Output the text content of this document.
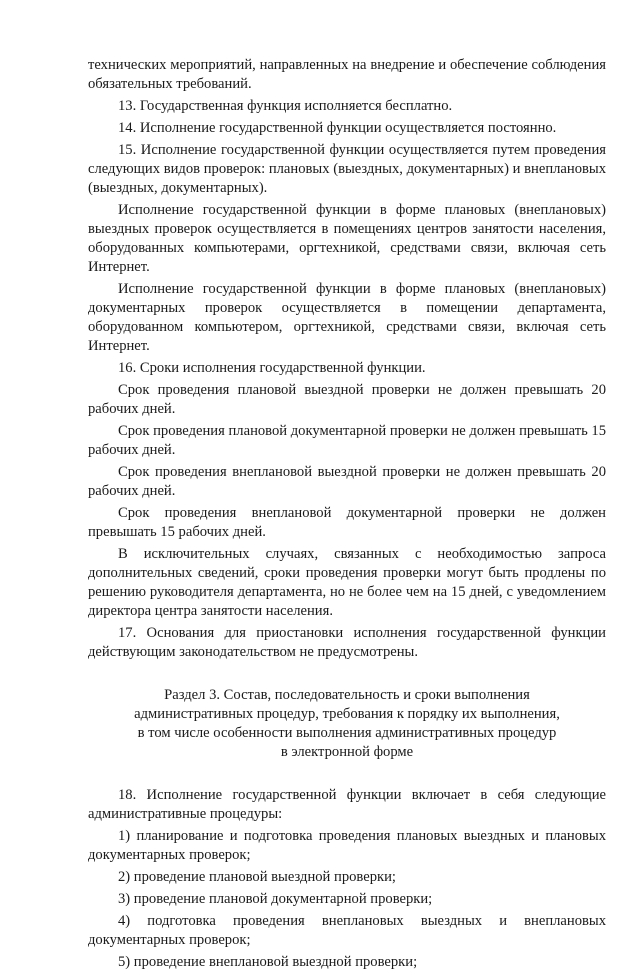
технических мероприятий, направленных на внедрение и обеспечение соблюдения обязательных требований.

13. Государственная функция исполняется бесплатно.

14. Исполнение государственной функции осуществляется постоянно.

15. Исполнение государственной функции осуществляется путем проведения следующих видов проверок: плановых (выездных, документарных) и внеплановых (выездных, документарных).

Исполнение государственной функции в форме плановых (внеплановых) выездных проверок осуществляется в помещениях центров занятости населения, оборудованных компьютерами, оргтехникой, средствами связи, включая сеть Интернет.

Исполнение государственной функции в форме плановых (внеплановых) документарных проверок осуществляется в помещении департамента, оборудованном компьютером, оргтехникой, средствами связи, включая сеть Интернет.

16. Сроки исполнения государственной функции.

Срок проведения плановой выездной проверки не должен превышать 20 рабочих дней.

Срок проведения плановой документарной проверки не должен превышать 15 рабочих дней.

Срок проведения внеплановой выездной проверки не должен превышать 20 рабочих дней.

Срок проведения внеплановой документарной проверки не должен превышать 15 рабочих дней.

В исключительных случаях, связанных с необходимостью запроса дополнительных сведений, сроки проведения проверки могут быть продлены по решению руководителя департамента, но не более чем на 15 дней, с уведомлением директора центра занятости населения.

17. Основания для приостановки исполнения государственной функции действующим законодательством не предусмотрены.

Раздел 3. Состав, последовательность и сроки выполнения
административных процедур, требования к порядку их выполнения,
в том числе особенности выполнения административных процедур
в электронной форме

18. Исполнение государственной функции включает в себя следующие административные процедуры:

1) планирование и подготовка проведения плановых выездных и плановых документарных проверок;

2) проведение плановой выездной проверки;

3) проведение плановой документарной проверки;

4) подготовка проведения внеплановых выездных и внеплановых документарных проверок;

5) проведение внеплановой выездной проверки;
